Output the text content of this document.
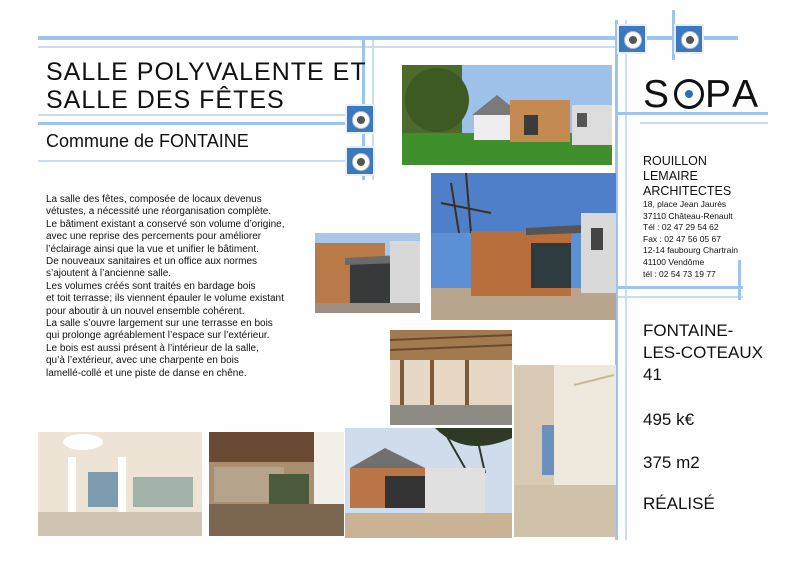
SALLE POLYVALENTE ET
SALLE DES FÊTES
Commune de FONTAINE
La salle des fêtes, composée de locaux devenus
vétustes, a nécessité une réorganisation complète.
Le bâtiment existant a conservé son volume d’origine,
avec une reprise des percements pour améliorer
l’éclairage ainsi que la vue et unifier le bâtiment.
De nouveaux sanitaires et un office aux normes
s’ajoutent à l’ancienne salle.
Les volumes créés sont traités en bardage bois
et toit terrasse; ils viennent épauler le volume existant
pour aboutir à un nouvel ensemble cohérent.
La salle s’ouvre largement sur une terrasse en bois
qui prolonge agréablement l’espace sur l’extérieur.
Le bois est aussi présent à l’intérieur de la salle,
qu’à l’extérieur, avec une charpente en bois
lamellé-collé et une piste de danse en chêne.
S PA
ROUILLON
LEMAIRE
ARCHITECTES
18, place Jean Jaurès
37110 Château-Renault
Tél : 02 47 29 54 62
Fax : 02 47 56 05 67
12-14 faubourg Chartrain
41100 Vendôme
tél : 02 54 73 19 77
FONTAINE-
LES-COTEAUX
41
495 k€
375 m2
RÉALISÉ
